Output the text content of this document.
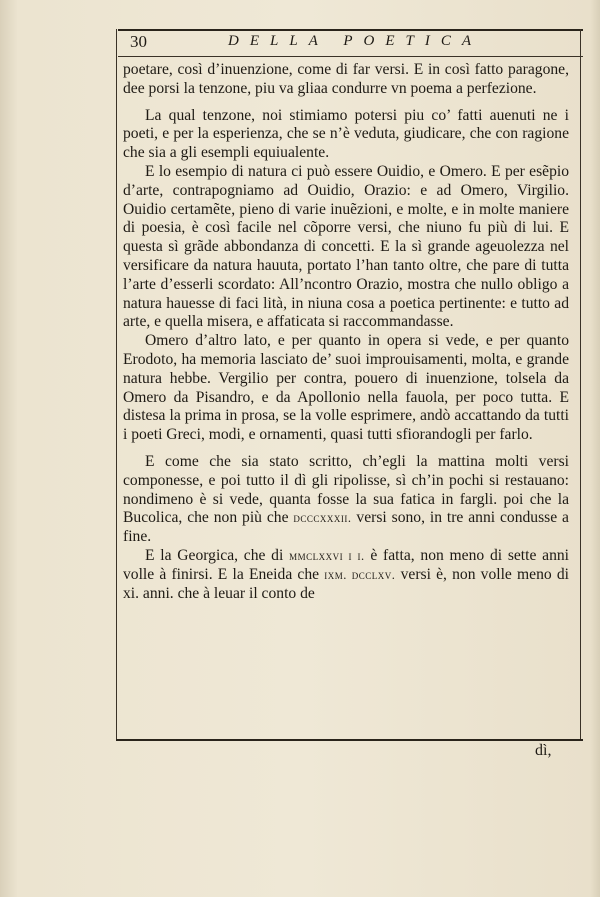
30	DELLA POETICA

poetare, così d’inuenzione, come di far versi. E in così fatto paragone, dee porsi la tenzone, piu va gliaa condurre vn poema a perfezione.

La qual tenzone, noi stimiamo potersi piu co’ fatti auenuti ne i poeti, e per la esperienza, che se n’è veduta, giudicare, che con ragione che sia a gli esempli equiualente.

E lo esempio di natura ci può essere Ouidio, e Omero. E per esẽpio d’arte, contrapogniamo ad Ouidio, Orazio: e ad Omero, Virgilio. Ouidio certamẽte, pieno di varie inuẽzioni, e molte, e in molte maniere di poesia, è così facile nel cõporre versi, che niuno fu più di lui. E questa sì grãde abbondanza di concetti. E la sì grande ageuolezza nel versificare da natura hauuta, portato l’han tanto oltre, che pare di tutta l’arte d’esserli scordato: All’ncontro Orazio, mostra che nullo obligo a natura hauesse di faci lità, in niuna cosa a poetica pertinente: e tutto ad arte, e quella misera, e affaticata si raccommandasse.

Omero d’altro lato, e per quanto in opera si vede, e per quanto Erodoto, ha memoria lasciato de’ suoi improuisamenti, molta, e grande natura hebbe. Vergilio per contra, pouero di inuenzione, tolsela da Omero da Pisandro, e da Apollonio nella fauola, per poco tutta. E distesa la prima in prosa, se la volle esprimere, andò accattando da tutti i poeti Greci, modi, e ornamenti, quasi tutti sfiorandogli per farlo.

E come che sia stato scritto, ch’egli la mattina molti versi componesse, e poi tutto il dì gli ripolisse, sì ch’in pochi si restauano: nondimeno è si vede, quanta fosse la sua fatica in fargli. poi che la Bucolica, che non più che dcccxxxii. versi sono, in tre anni condusse a fine.

E la Georgica, che di mmclxxvi i i. è fatta, non meno di sette anni volle à finirsi. E la Eneida che ixm. dcclxv. versi è, non volle meno di xi. anni. che à leuar il conto de

dì,
